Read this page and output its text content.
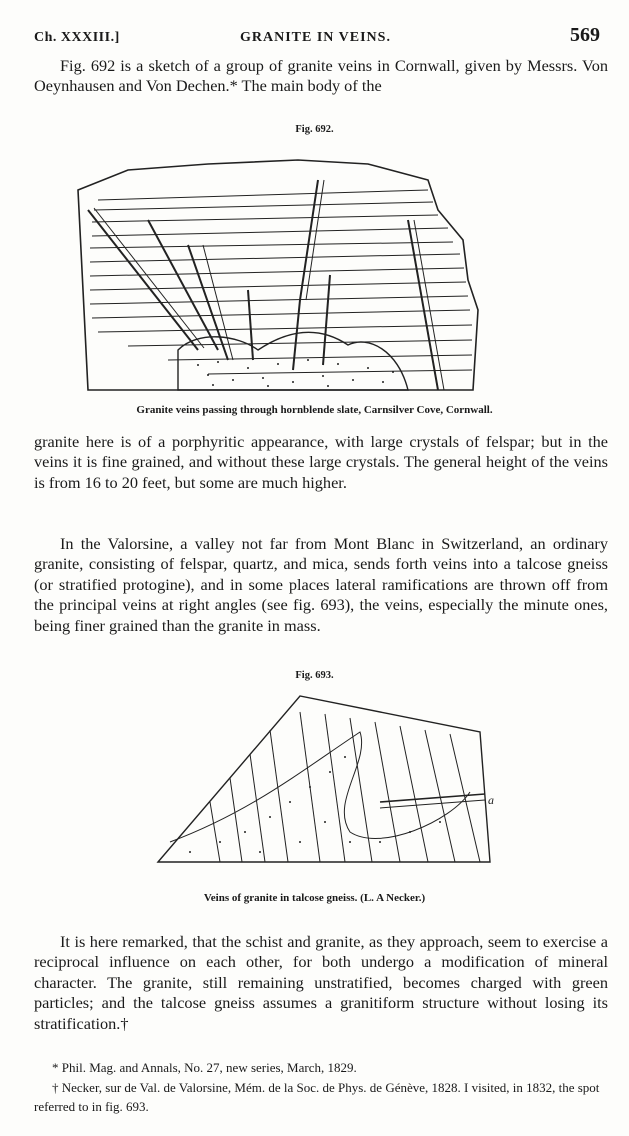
Ch. XXXIII.]	GRANITE IN VEINS.	569
Fig. 692 is a sketch of a group of granite veins in Cornwall, given by Messrs. Von Oeynhausen and Von Dechen.* The main body of the
Fig. 692.
Granite veins passing through hornblende slate, Carnsilver Cove, Cornwall.
granite here is of a porphyritic appearance, with large crystals of felspar; but in the veins it is fine grained, and without these large crystals. The general height of the veins is from 16 to 20 feet, but some are much higher.
In the Valorsine, a valley not far from Mont Blanc in Switzerland, an ordinary granite, consisting of felspar, quartz, and mica, sends forth veins into a talcose gneiss (or stratified protogine), and in some places lateral ramifications are thrown off from the principal veins at right angles (see fig. 693), the veins, especially the minute ones, being finer grained than the granite in mass.
Fig. 693.
a
Veins of granite in talcose gneiss. (L. A Necker.)
It is here remarked, that the schist and granite, as they approach, seem to exercise a reciprocal influence on each other, for both undergo a modification of mineral character. The granite, still remaining unstratified, becomes charged with green particles; and the talcose gneiss assumes a granitiform structure without losing its stratification.†
* Phil. Mag. and Annals, No. 27, new series, March, 1829.
† Necker, sur de Val. de Valorsine, Mém. de la Soc. de Phys. de Génève, 1828. I visited, in 1832, the spot referred to in fig. 693.
